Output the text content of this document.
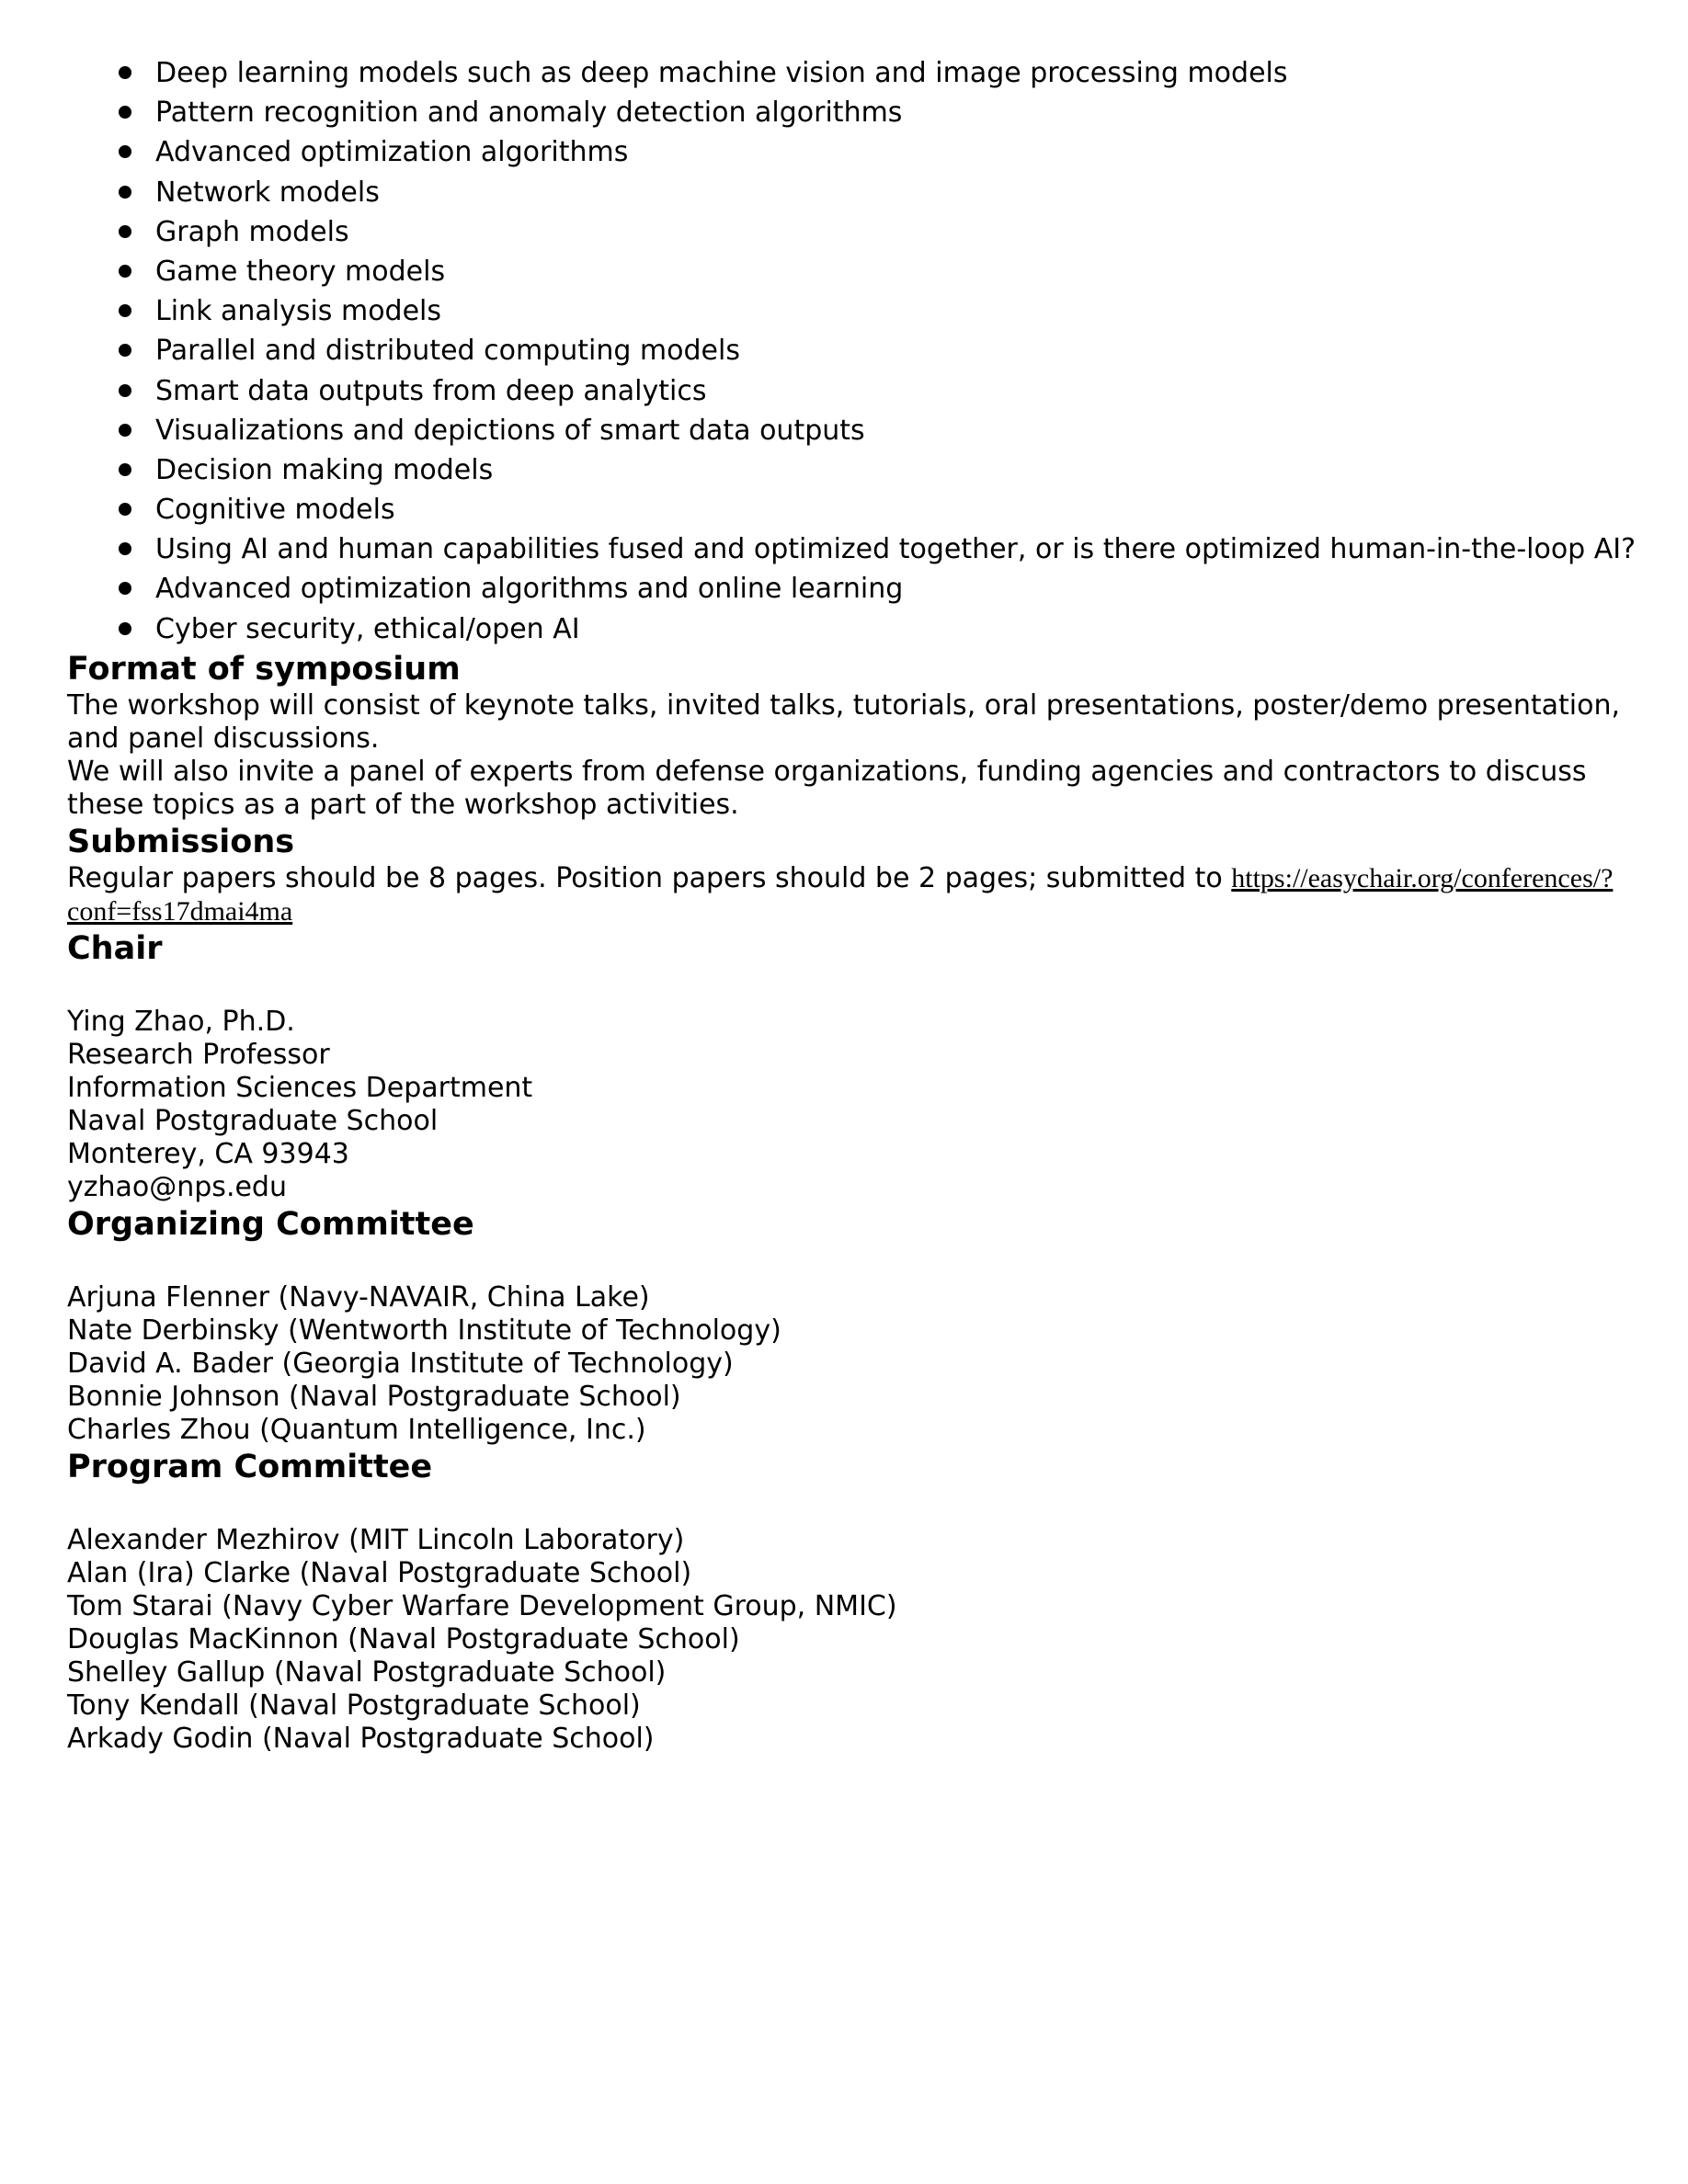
Deep learning models such as deep machine vision and image processing models
Pattern recognition and anomaly detection algorithms
Advanced optimization algorithms
Network models
Graph models
Game theory models
Link analysis models
Parallel and distributed computing models
Smart data outputs from deep analytics
Visualizations and depictions of smart data outputs
Decision making models
Cognitive models
Using AI and human capabilities fused and optimized together, or is there optimized human-in-the-loop AI?
Advanced optimization algorithms and online learning
Cyber security, ethical/open AI
Format of symposium

The workshop will consist of keynote talks, invited talks, tutorials, oral presentations, poster/demo presentation, and panel discussions.

We will also invite a panel of experts from defense organizations, funding agencies and contractors to discuss these topics as a part of the workshop activities.

Submissions

Regular papers should be 8 pages. Position papers should be 2 pages; submitted to https://easychair.org/conferences/?conf=fss17dmai4ma

Chair
Ying Zhao, Ph.D.
Research Professor
Information Sciences Department
Naval Postgraduate School
Monterey, CA 93943
yzhao@nps.edu
Organizing Committee
Arjuna Flenner (Navy-NAVAIR, China Lake)
Nate Derbinsky (Wentworth Institute of Technology)
David A. Bader (Georgia Institute of Technology)
Bonnie Johnson (Naval Postgraduate School)
Charles Zhou (Quantum Intelligence, Inc.)
Program Committee
Alexander Mezhirov (MIT Lincoln Laboratory)
Alan (Ira) Clarke (Naval Postgraduate School)
Tom Starai (Navy Cyber Warfare Development Group, NMIC)
Douglas MacKinnon (Naval Postgraduate School)
Shelley Gallup (Naval Postgraduate School)
Tony Kendall (Naval Postgraduate School)
Arkady Godin (Naval Postgraduate School)
